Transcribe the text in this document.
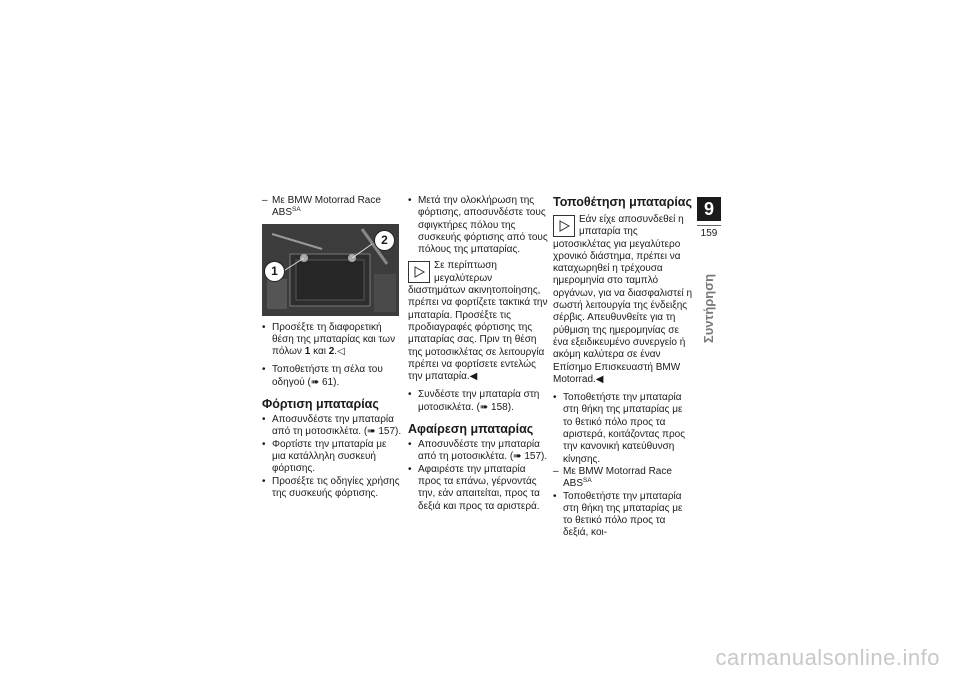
– Με BMW Motorrad Race $ABS^{SA}$
2
1
• Προσέξτε τη διαφορετική θέση της μπαταρίας και των πόλων 1 και 2.◁
• Τοποθετήστε τη σέλα του οδηγού (➠ 61).
Φόρτιση μπαταρίας
• Αποσυνδέστε την μπαταρία από τη μοτοσικλέτα. (➠ 157).
• Φορτίστε την μπαταρία με μια κατάλληλη συσκευή φόρτισης.
• Προσέξτε τις οδηγίες χρήσης της συσκευής φόρτισης.
• Μετά την ολοκλήρωση της φόρτισης, αποσυνδέστε τους σφιγκτήρες πόλου της συσκευής φόρτισης από τους πόλους της μπαταρίας.
Σε περίπτωση μεγαλύτερων διαστημάτων ακινητοποίησης, πρέπει να φορτίζετε τακτικά την μπαταρία. Προσέξτε τις προδιαγραφές φόρτισης της μπαταρίας σας. Πριν τη θέση της μοτοσικλέτας σε λειτουργία πρέπει να φορτίσετε εντελώς την μπαταρία.◀
• Συνδέστε την μπαταρία στη μοτοσικλέτα. (➠ 158).
Αφαίρεση μπαταρίας
• Αποσυνδέστε την μπαταρία από τη μοτοσικλέτα. (➠ 157).
• Αφαιρέστε την μπαταρία προς τα επάνω, γέρνοντάς την, εάν απαιτείται, προς τα δεξιά και προς τα αριστερά.
Τοποθέτηση μπαταρίας
Εάν είχε αποσυνδεθεί η μπαταρία της μοτοσικλέτας για μεγαλύτερο χρονικό διάστημα, πρέπει να καταχωρηθεί η τρέχουσα ημερομηνία στο ταμπλό οργάνων, για να διασφαλιστεί η σωστή λειτουργία της ένδειξης σέρβις. Απευθυνθείτε για τη ρύθμιση της ημερομηνίας σε ένα εξειδικευμένο συνεργείο ή ακόμη καλύτερα σε έναν Επίσημο Επισκευαστή BMW Motorrad.◀
• Τοποθετήστε την μπαταρία στη θήκη της μπαταρίας με το θετικό πόλο προς τα αριστερά, κοιτάζοντας προς την κανονική κατεύθυνση κίνησης.
– Με BMW Motorrad Race $ABS^{SA}$
• Τοποθετήστε την μπαταρία στη θήκη της μπαταρίας με το θετικό πόλο προς τα δεξιά, κοι-
9
159
Συντήρηση
carmanualsonline.info
